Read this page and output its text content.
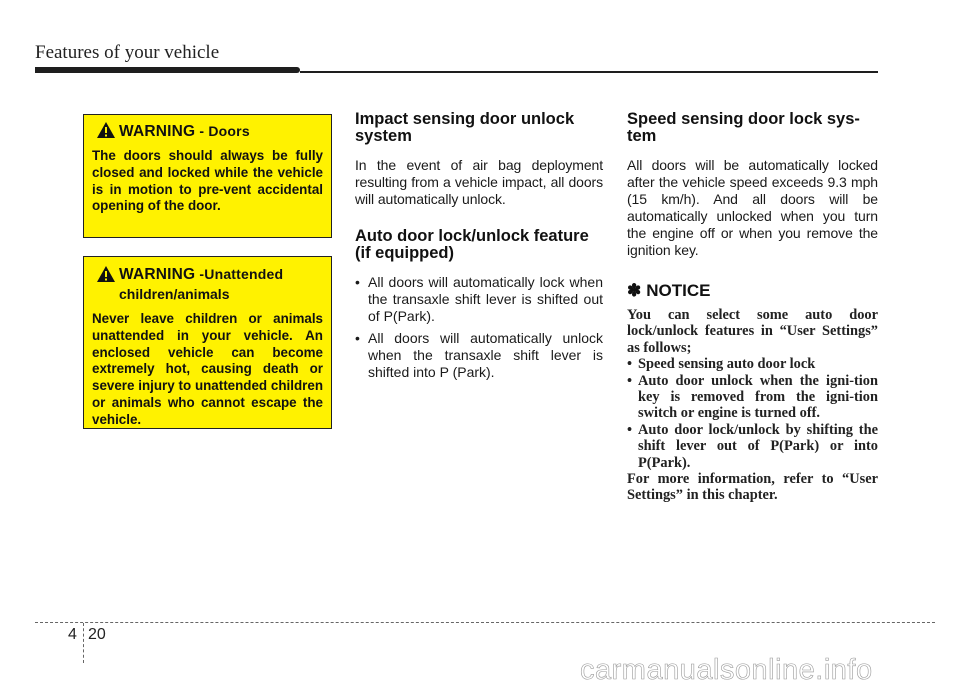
Features of your vehicle
WARNING - Doors
The doors should always be fully closed and locked while the vehicle is in motion to pre-vent accidental opening of the door.
WARNING -Unattended
children/animals
Never leave children or animals unattended in your vehicle. An enclosed vehicle can become extremely hot, causing death or severe injury to unattended children or animals who cannot escape the vehicle.
Impact sensing door unlock system

In the event of air bag deployment resulting from a vehicle impact, all doors will automatically unlock.

Auto door lock/unlock feature (if equipped)
• All doors will automatically lock when the transaxle shift lever is shifted out of P(Park).
• All doors will automatically unlock when the transaxle shift lever is shifted into P (Park).
Speed sensing door lock sys-tem

All doors will be automatically locked after the vehicle speed exceeds 9.3 mph (15 km/h). And all doors will be automatically unlocked when you turn the engine off or when you remove the ignition key.

✽ NOTICE
You can select some auto door lock/unlock features in “User Settings” as follows;
• Speed sensing auto door lock
• Auto door unlock when the igni-tion key is removed from the igni-tion switch or engine is turned off.
• Auto door lock/unlock by shifting the shift lever out of P(Park) or into P(Park).
For more information, refer to “User Settings” in this chapter.
4 20
carmanualsonline.info
